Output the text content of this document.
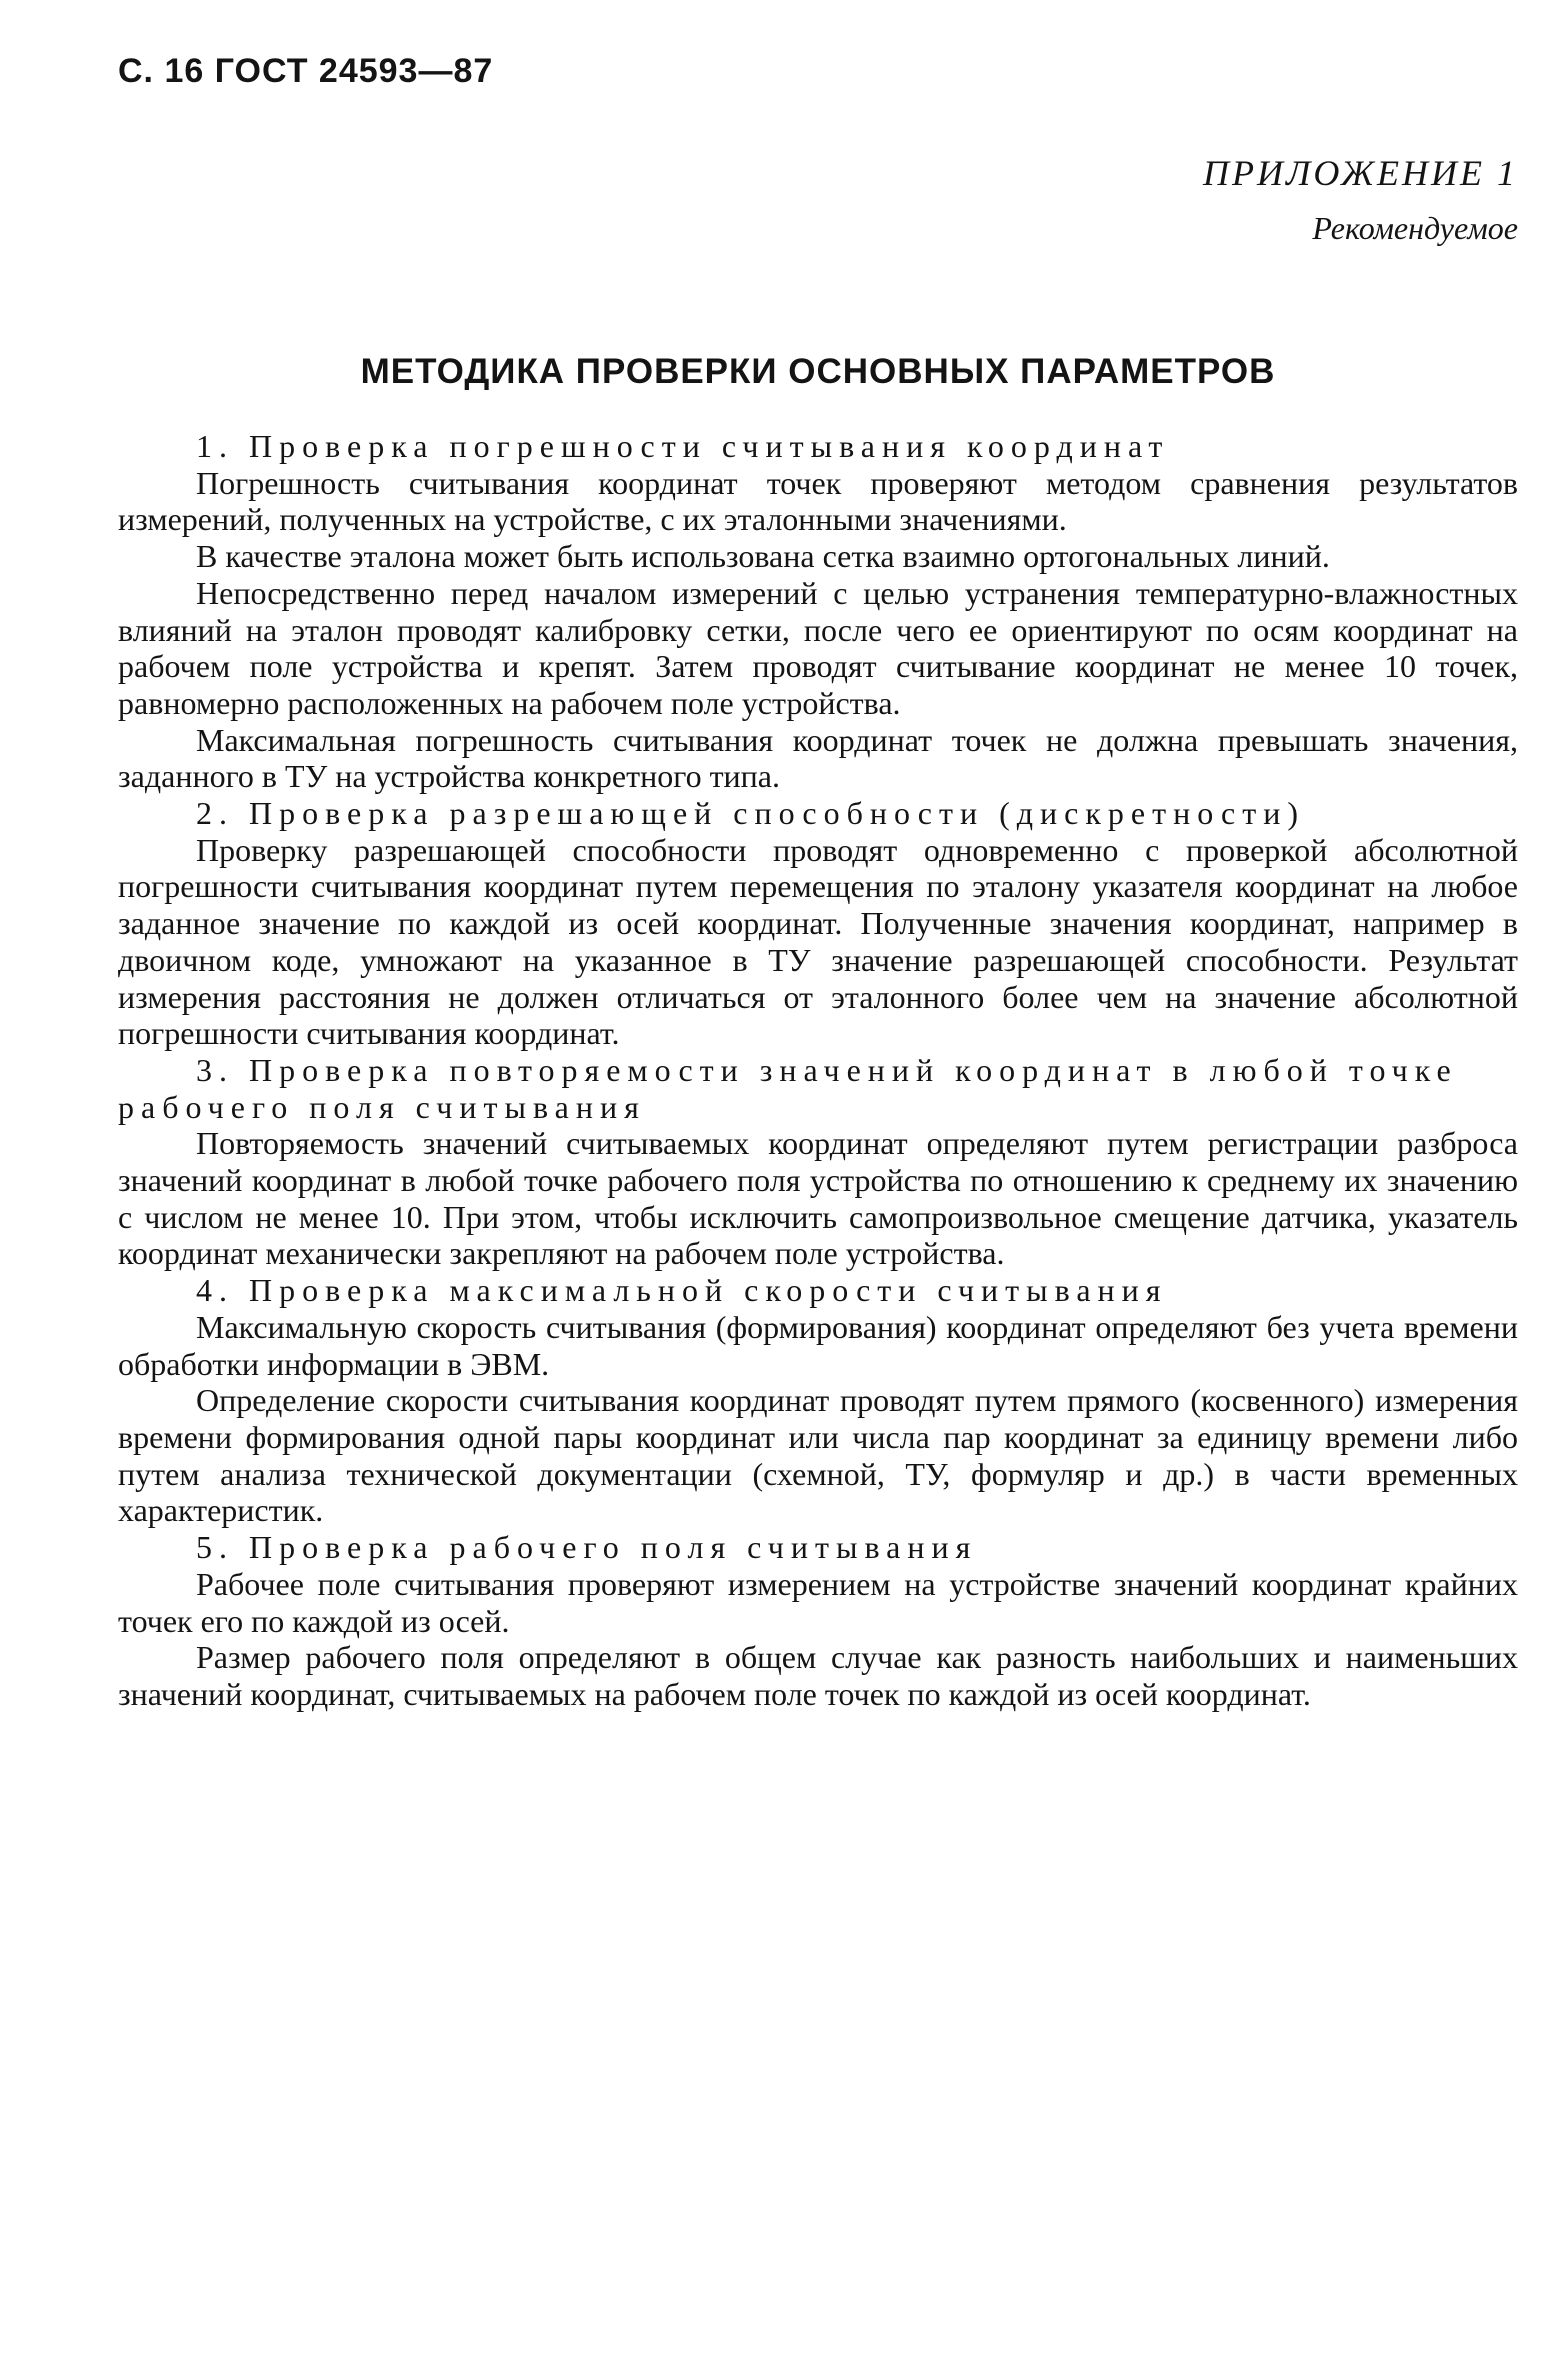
С. 16 ГОСТ 24593—87
ПРИЛОЖЕНИЕ 1
Рекомендуемое
МЕТОДИКА ПРОВЕРКИ ОСНОВНЫХ ПАРАМЕТРОВ

1. Проверка погрешности считывания координат

Погрешность считывания координат точек проверяют методом сравнения результатов измерений, полученных на устройстве, с их эталонными значениями.

В качестве эталона может быть использована сетка взаимно ортогональных линий.

Непосредственно перед началом измерений с целью устранения температурно-влажностных влияний на эталон проводят калибровку сетки, после чего ее ориентируют по осям координат на рабочем поле устройства и крепят. Затем проводят считывание координат не менее 10 точек, равномерно расположенных на рабочем поле устройства.

Максимальная погрешность считывания координат точек не должна превышать значения, заданного в ТУ на устройства конкретного типа.

2. Проверка разрешающей способности (дискретности)

Проверку разрешающей способности проводят одновременно с проверкой абсолютной погрешности считывания координат путем перемещения по эталону указателя координат на любое заданное значение по каждой из осей координат. Полученные значения координат, например в двоичном коде, умножают на указанное в ТУ значение разрешающей способности. Результат измерения расстояния не должен отличаться от эталонного более чем на значение абсолютной погрешности считывания координат.

3. Проверка повторяемости значений координат в любой точке рабочего поля считывания

Повторяемость значений считываемых координат определяют путем регистрации разброса значений координат в любой точке рабочего поля устройства по отношению к среднему их значению с числом не менее 10. При этом, чтобы исключить самопроизвольное смещение датчика, указатель координат механически закрепляют на рабочем поле устройства.

4. Проверка максимальной скорости считывания

Максимальную скорость считывания (формирования) координат определяют без учета времени обработки информации в ЭВМ.

Определение скорости считывания координат проводят путем прямого (косвенного) измерения времени формирования одной пары координат или числа пар координат за единицу времени либо путем анализа технической документации (схемной, ТУ, формуляр и др.) в части временных характеристик.

5. Проверка рабочего поля считывания

Рабочее поле считывания проверяют измерением на устройстве значений координат крайних точек его по каждой из осей.

Размер рабочего поля определяют в общем случае как разность наибольших и наименьших значений координат, считываемых на рабочем поле точек по каждой из осей координат.
